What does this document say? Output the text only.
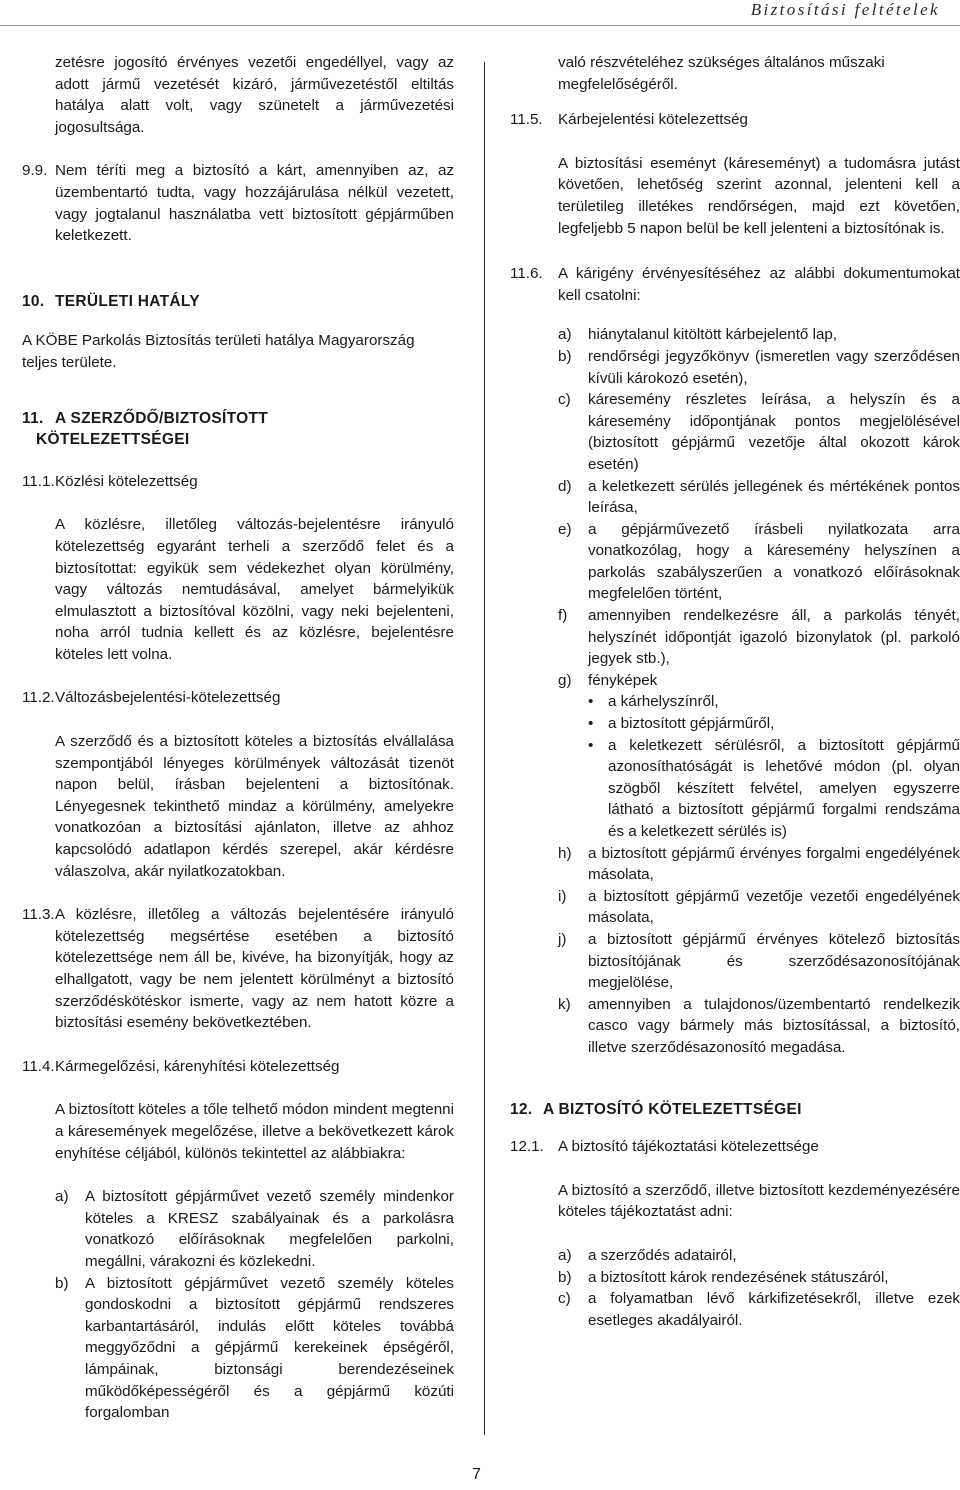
Biztosítási feltételek
zetésre jogosító érvényes vezetői engedéllyel, vagy az adott jármű vezetését kizáró, járművezetéstől eltiltás hatálya alatt volt, vagy szünetelt a járművezetési jogosultsága.
9.9. Nem téríti meg a biztosító a kárt, amennyiben az, az üzembentartó tudta, vagy hozzájárulása nélkül vezetett, vagy jogtalanul használatba vett biztosított gépjárműben keletkezett.
10. TERÜLETI HATÁLY
A KÖBE Parkolás Biztosítás területi hatálya Magyarország teljes területe.
11. A SZERZŐDŐ/BIZTOSÍTOTT
KÖTELEZETTSÉGEI
11.1.Közlési kötelezettség
A közlésre, illetőleg változás-bejelentésre irányuló kötelezettség egyaránt terheli a szerződő felet és a biztosítottat: egyikük sem védekezhet olyan körülmény, vagy változás nemtudásával, amelyet bármelyikük elmulasztott a biztosítóval közölni, vagy neki bejelenteni, noha arról tudnia kellett és az közlésre, bejelentésre köteles lett volna.
11.2.Változásbejelentési-kötelezettség
A szerződő és a biztosított köteles a biztosítás elvállalása szempontjából lényeges körülmények változását tizenöt napon belül, írásban bejelenteni a biztosítónak. Lényegesnek tekinthető mindaz a körülmény, amelyekre vonatkozóan a biztosítási ajánlaton, illetve az ahhoz kapcsolódó adatlapon kérdés szerepel, akár kérdésre válaszolva, akár nyilatkozatokban.
11.3. A közlésre, illetőleg a változás bejelentésére irányuló kötelezettség megsértése esetében a biztosító kötelezettsége nem áll be, kivéve, ha bizonyítják, hogy az elhallgatott, vagy be nem jelentett körülményt a biztosító szerződéskötéskor ismerte, vagy az nem hatott közre a biztosítási esemény bekövetkeztében.
11.4.Kármegelőzési, kárenyhítési kötelezettség
A biztosított köteles a tőle telhető módon mindent megtenni a káresemények megelőzése, illetve a bekövetkezett károk enyhítése céljából, különös tekintettel az alábbiakra:
a)	A biztosított gépjárművet vezető személy mindenkor köteles a KRESZ szabályainak és a parkolásra vonatkozó előírásoknak megfelelően parkolni, megállni, várakozni és közlekedni.
b)	A biztosított gépjárművet vezető személy köteles gondoskodni a biztosított gépjármű rendszeres karbantartásáról, indulás előtt köteles továbbá meggyőződni a gépjármű kerekeinek épségéről, lámpáinak, biztonsági berendezéseinek működőképességéről és a gépjármű közúti forgalomban
való részvételéhez szükséges általános műszaki megfelelőségéről.
11.5. Kárbejelentési kötelezettség
A biztosítási eseményt (káreseményt) a tudomásra jutást követően, lehetőség szerint azonnal, jelenteni kell a területileg illetékes rendőrségen, majd ezt követően, legfeljebb 5 napon belül be kell jelenteni a biztosítónak is.
11.6.	A kárigény érvényesítéséhez az alábbi dokumentumokat kell csatolni:
a)	hiánytalanul kitöltött kárbejelentő lap,
b)	rendőrségi jegyzőkönyv (ismeretlen vagy szerződésen kívüli károkozó esetén),
c)	káresemény részletes leírása, a helyszín és a káresemény időpontjának pontos megjelölésével (biztosított gépjármű vezetője által okozott károk esetén)
d)	a keletkezett sérülés jellegének és mértékének pontos leírása,
e)	a gépjárművezető írásbeli nyilatkozata arra vonatkozólag, hogy a káresemény helyszínen a parkolás szabályszerűen a vonatkozó előírásoknak megfelelően történt,
f)	amennyiben rendelkezésre áll, a parkolás tényét, helyszínét időpontját igazoló bizonylatok (pl. parkoló jegyek stb.),
g)	fényképek
• a kárhelyszínről,
• a biztosított gépjárműről,
• a keletkezett sérülésről, a biztosított gépjármű azonosíthatóságát is lehetővé módon (pl. olyan szögből készített felvétel, amelyen egyszerre látható a biztosított gépjármű forgalmi rendszáma és a keletkezett sérülés is)
h)	a biztosított gépjármű érvényes forgalmi engedélyének másolata,
i)	a biztosított gépjármű vezetője vezetői engedélyének másolata,
j)	a biztosított gépjármű érvényes kötelező biztosítás biztosítójának és szerződésazonosítójának megjelölése,
k)	amennyiben a tulajdonos/üzembentartó rendelkezik casco vagy bármely más biztosítással, a biztosító, illetve szerződésazonosító megadása.
12. A BIZTOSÍTÓ KÖTELEZETTSÉGEI
12.1. A biztosító tájékoztatási kötelezettsége
A biztosító a szerződő, illetve biztosított kezdeményezésére köteles tájékoztatást adni:
a)	a szerződés adatairól,
b)	a biztosított károk rendezésének státuszáról,
c)	a folyamatban lévő kárkifizetésekről, illetve ezek esetleges akadályairól.
7
